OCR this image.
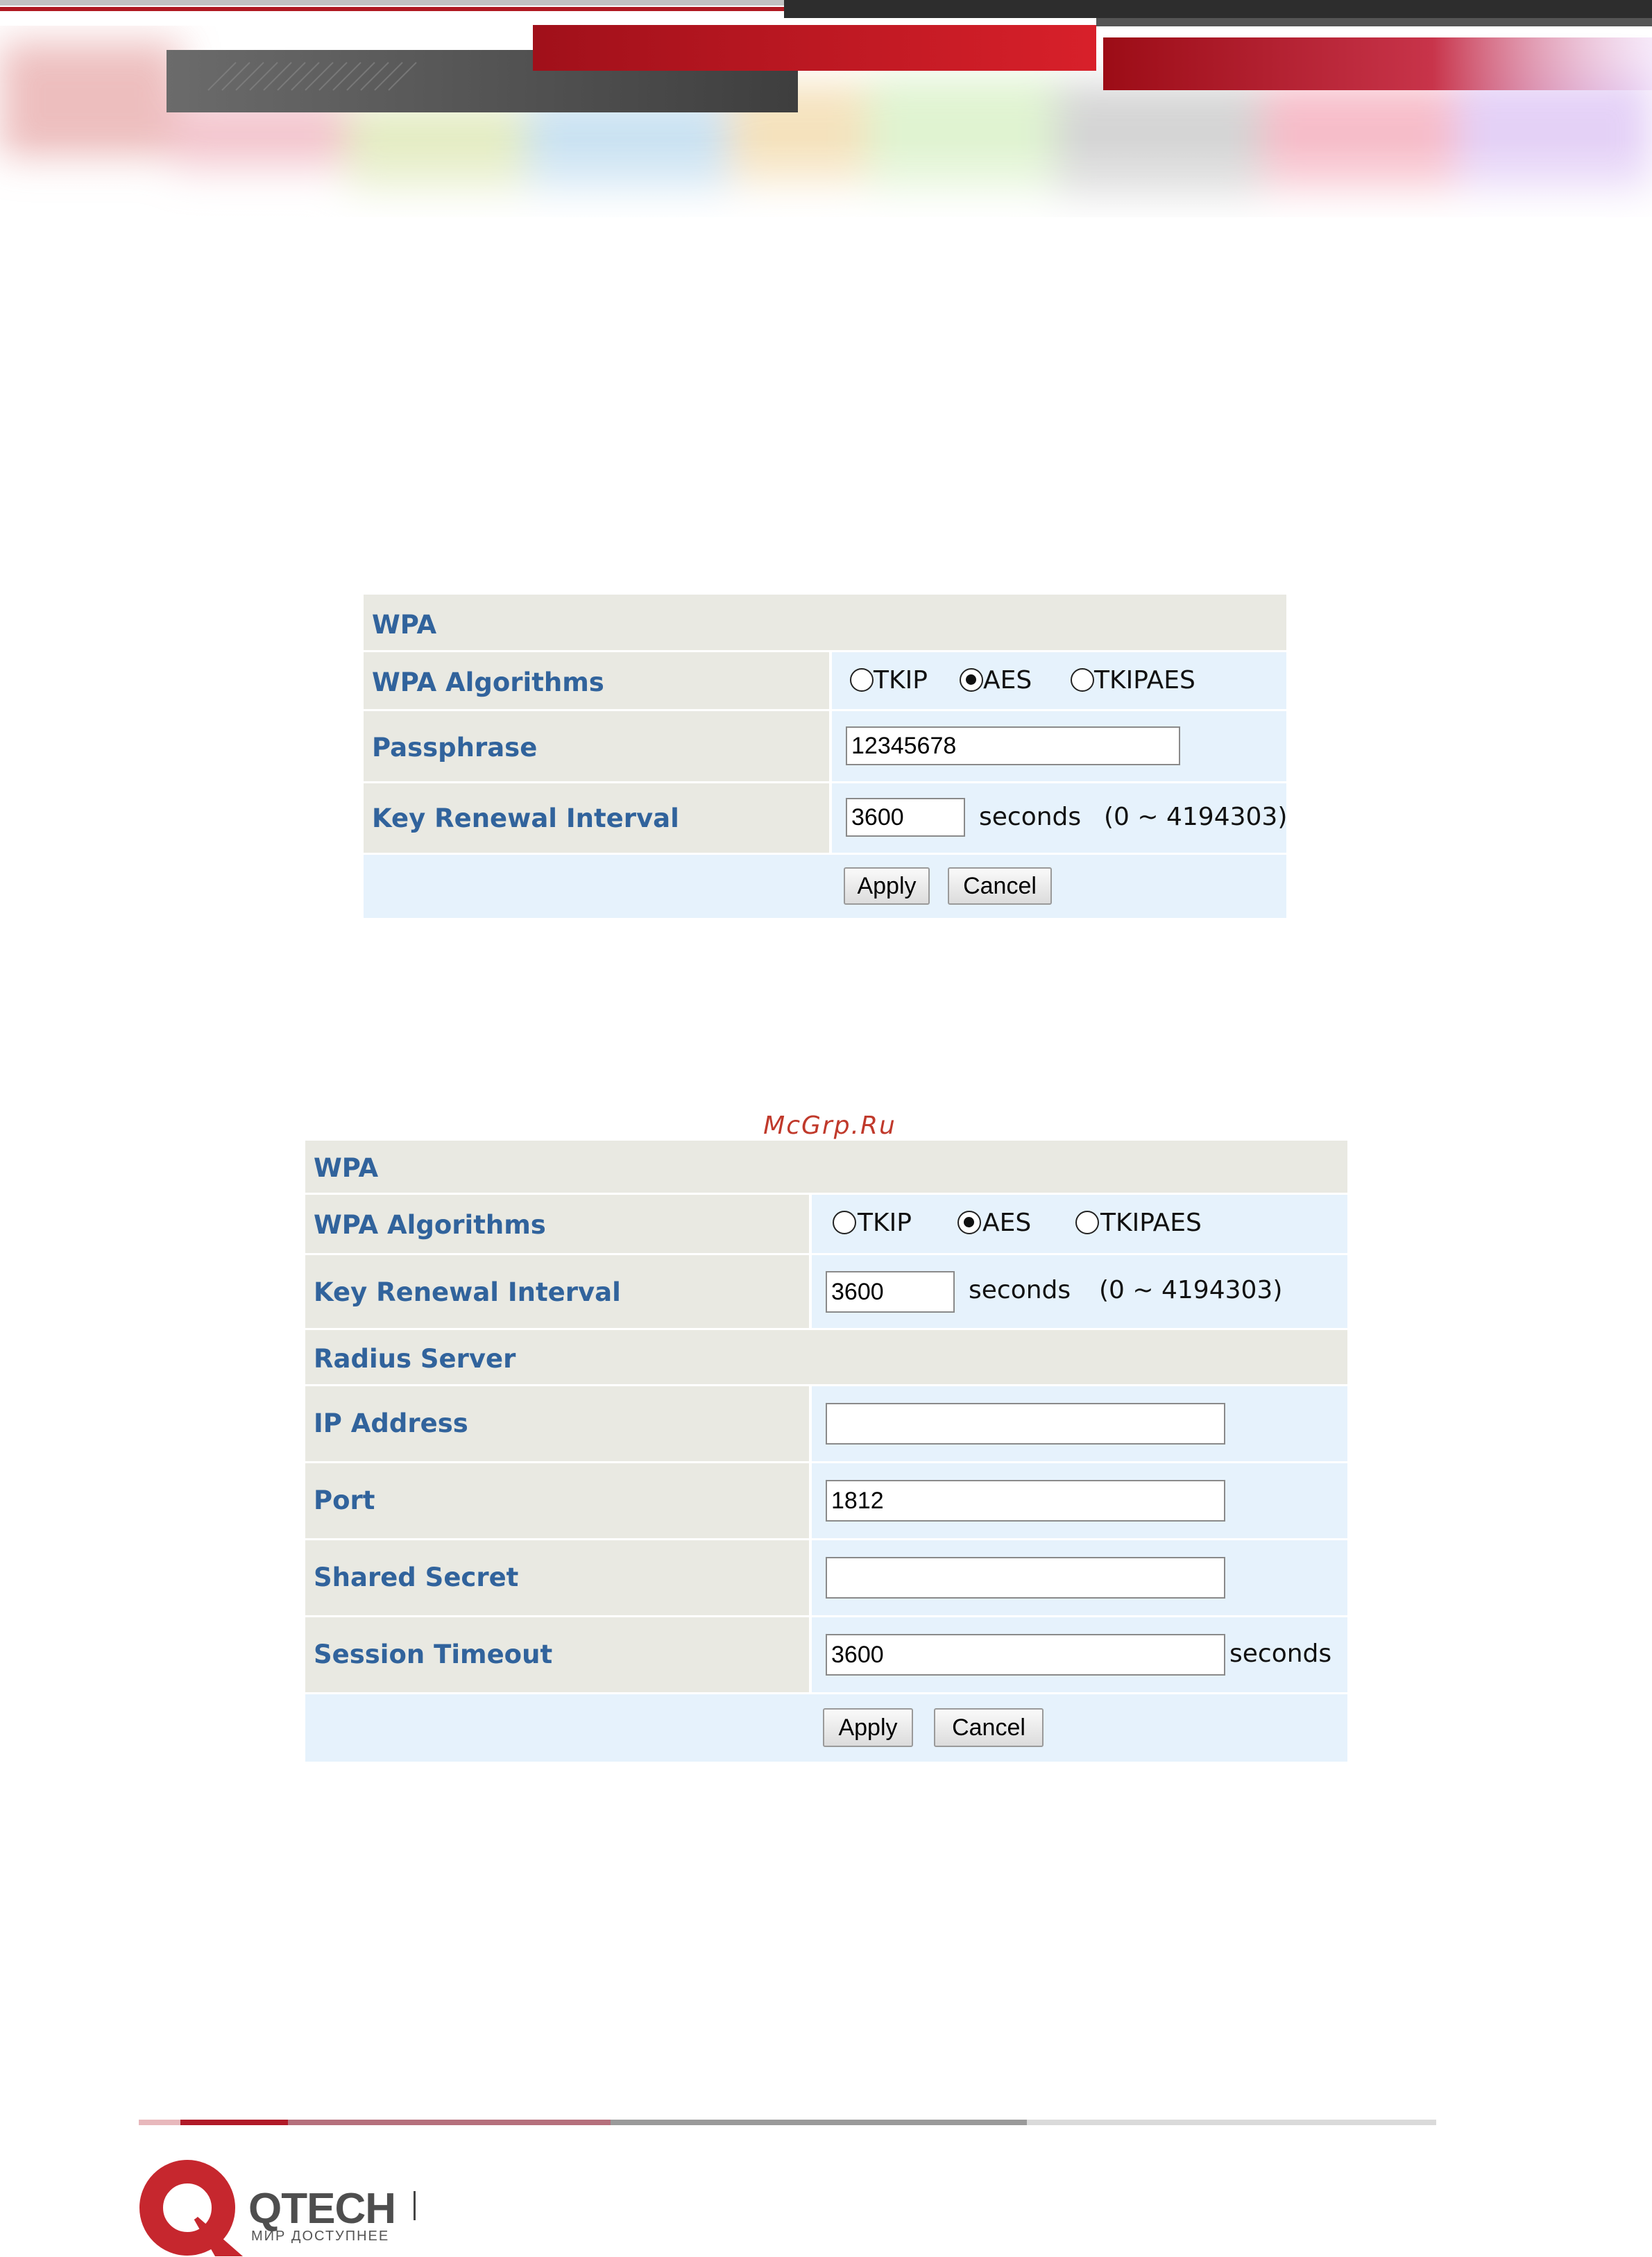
McGrp.Ru
WPA
WPA Algorithms	TKIP AES TKIPAES
Passphrase	12345678
Key Renewal Interval	3600	seconds (0 ~ 4194303)
Apply	Cancel
WPA
WPA Algorithms	TKIP	AES	TKIPAES
Key Renewal Interval	3600	seconds (0 ~ 4194303)
Radius Server
IP Address
Port	1812
Shared Secret
Session Timeout	3600	seconds
Apply	Cancel
QTECH
МИР ДОСТУПНЕЕ
